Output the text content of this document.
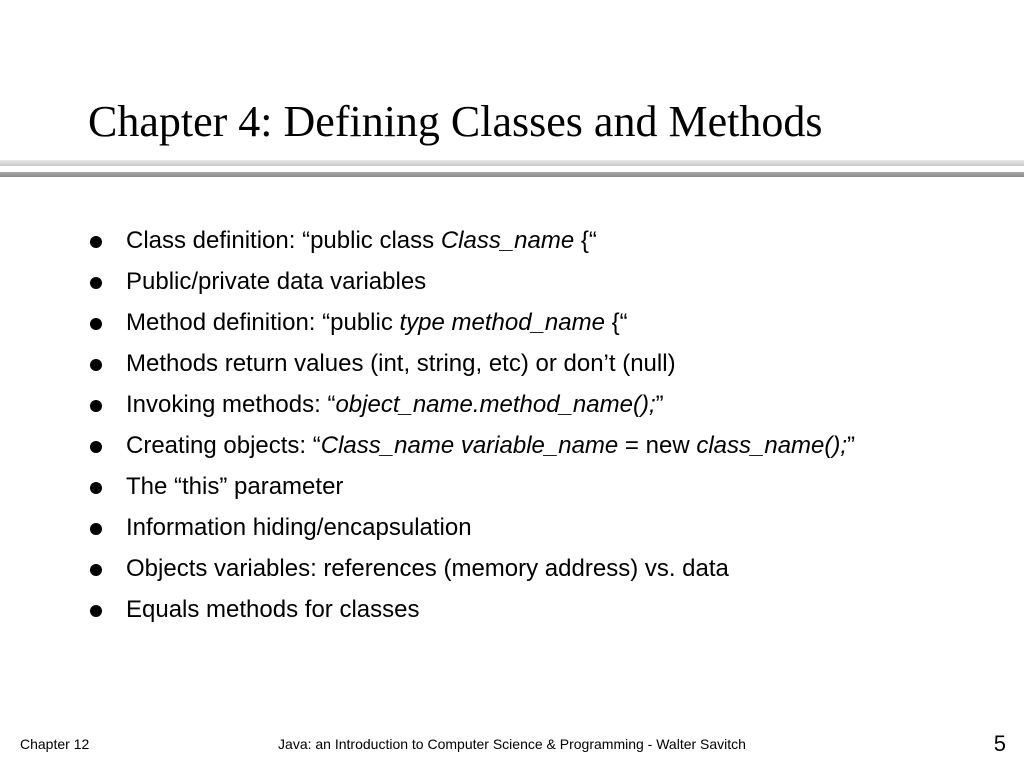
Chapter 4: Defining Classes and Methods
Class definition: “public class Class_name {“
Public/private data variables
Method definition: “public type method_name {“
Methods return values (int, string, etc) or don’t (null)
Invoking methods: “object_name.method_name();”
Creating objects: “Class_name variable_name = new class_name();”
The “this” parameter
Information hiding/encapsulation
Objects variables: references (memory address) vs. data
Equals methods for classes
Chapter 12	Java: an Introduction to Computer Science & Programming - Walter Savitch	5
